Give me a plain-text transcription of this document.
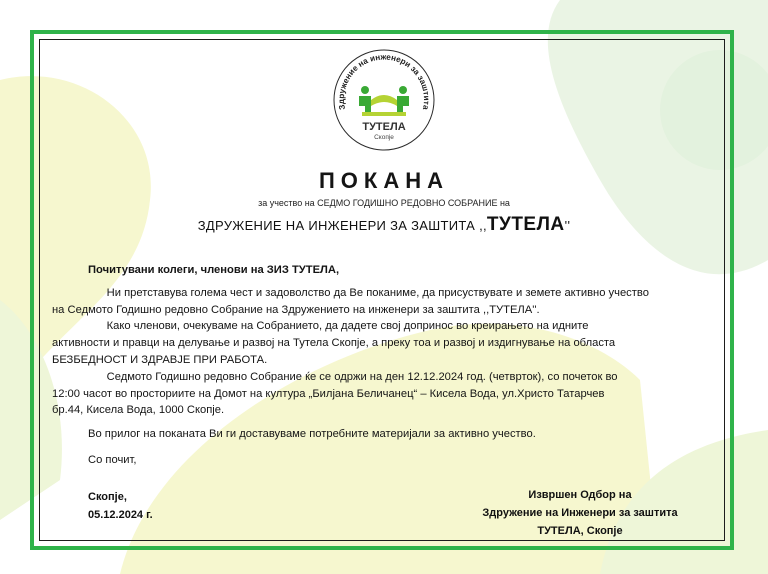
Здружение на инженери за заштита
ТУТЕЛА
Скопје
ПОКАНА
за учество на СЕДМО ГОДИШНО РЕДОВНО СОБРАНИЕ на
ЗДРУЖЕНИЕ НА ИНЖЕНЕРИ ЗА ЗАШТИТА ,,ТУТЕЛА''

Почитувани колеги, членови на ЗИЗ ТУТЕЛА,

Ни претставува голема чест и задоволство да Ве поканиме, да присуствувате и земете активно учество

на Седмото Годишно редовно Собрание на Здружението на инженери за заштита ,,ТУТЕЛА''.

Како членови, очекуваме на Собранието, да дадете свој допринос во креирањето на идните

активности и правци на делување и развој на Тутела Скопје, а преку тоа и развој и издигнување на областа

БЕЗБЕДНОСТ И ЗДРАВЈЕ ПРИ РАБОТА.

Седмото Годишно редовно Собрание ќе се одржи на ден 12.12.2024 год. (четврток), со почеток во

12:00 часот во просториите на Домот на култура „Билјана Беличанец“ – Кисела Вода, ул.Христо Татарчев

бр.44, Кисела Вода, 1000 Скопје.

Во прилог на поканата Ви ги доставуваме потребните материјали за активно учество.

Со почит,

Скопје,
05.12.2024 г.
Извршен Одбор на
Здружение на Инженери за заштита
ТУТЕЛА, Скопје
